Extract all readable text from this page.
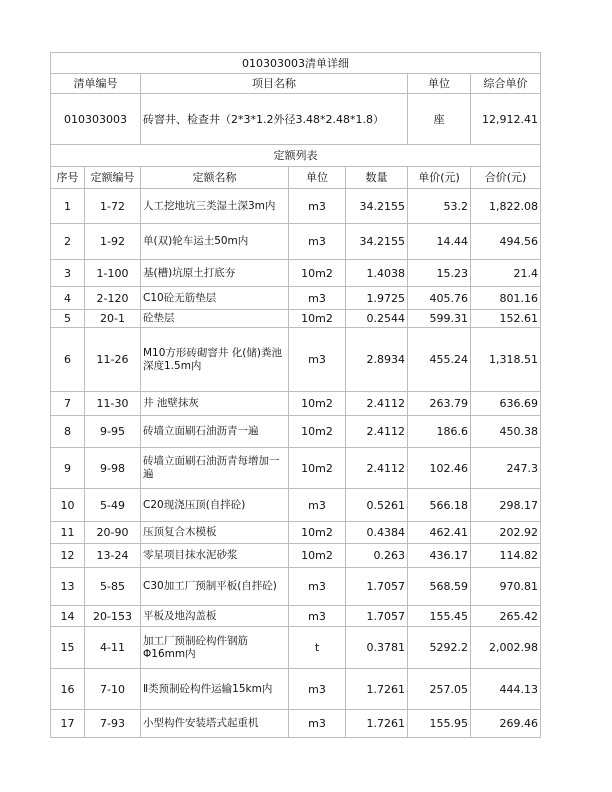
010303003清单详细						
清单编号		项目名称			单位	综合单价
010303003		砖窨井、检查井（2*3*1.2外径3.48*2.48*1.8）			座	12,912.41
定额列表						
序号	定额编号	定额名称	单位	数量	单价(元)	合价(元)
1	1-72	人工挖地坑三类湿土深3m内	m3	34.2155	53.2	1,822.08
2	1-92	单(双)轮车运土50m内	m3	34.2155	14.44	494.56
3	1-100	基(槽)坑原土打底夯	10m2	1.4038	15.23	21.4
4	2-120	C10砼无筋垫层	m3	1.9725	405.76	801.16
5	20-1	砼垫层	10m2	0.2544	599.31	152.61
6	11-26	M10方形砖砌窨井 化(储)粪池深度1.5m内	m3	2.8934	455.24	1,318.51
7	11-30	井 池壁抹灰	10m2	2.4112	263.79	636.69
8	9-95	砖墙立面刷石油沥青一遍	10m2	2.4112	186.6	450.38
9	9-98	砖墙立面刷石油沥青每增加一遍	10m2	2.4112	102.46	247.3
10	5-49	C20现浇压顶(自拌砼)	m3	0.5261	566.18	298.17
11	20-90	压顶复合木模板	10m2	0.4384	462.41	202.92
12	13-24	零星项目抹水泥砂浆	10m2	0.263	436.17	114.82
13	5-85	C30加工厂预制平板(自拌砼)	m3	1.7057	568.59	970.81
14	20-153	平板及地沟盖板	m3	1.7057	155.45	265.42
15	4-11	加工厂预制砼构件钢筋Φ16mm内	t	0.3781	5292.2	2,002.98
16	7-10	Ⅱ类预制砼构件运输15km内	m3	1.7261	257.05	444.13
17	7-93	小型构件安装塔式起重机	m3	1.7261	155.95	269.46
